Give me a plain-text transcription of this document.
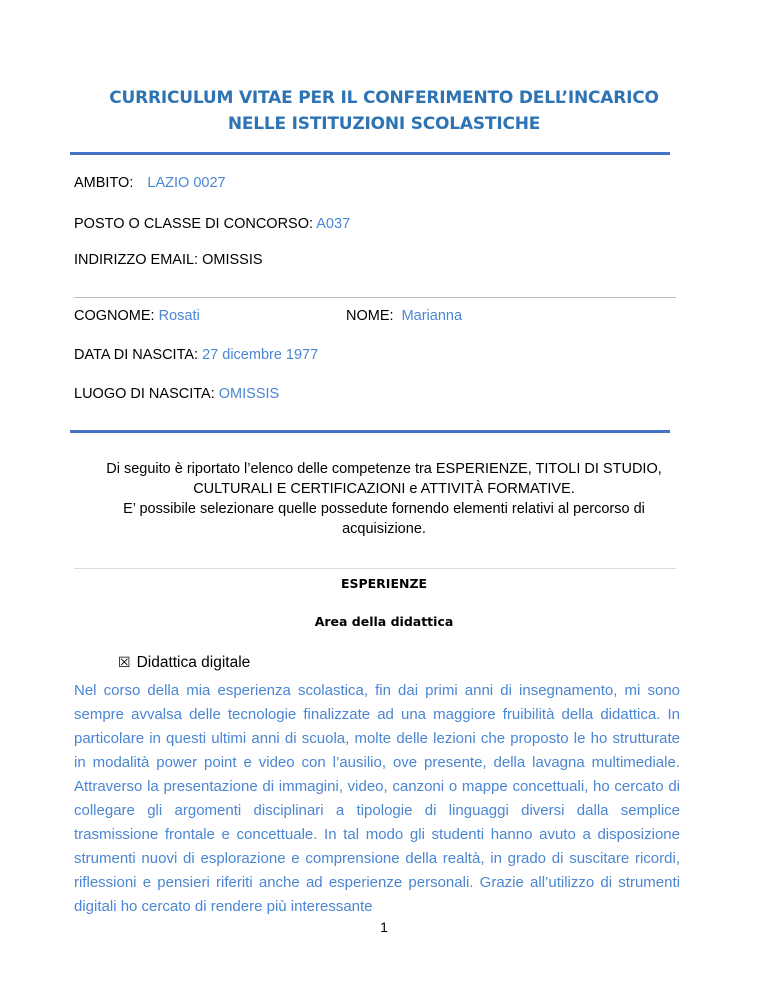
CURRICULUM VITAE PER IL CONFERIMENTO DELL’INCARICO
NELLE ISTITUZIONI SCOLASTICHE
AMBITO: LAZIO 0027
POSTO O CLASSE DI CONCORSO: A037
INDIRIZZO EMAIL: OMISSIS
COGNOME: Rosati	NOME: Marianna
DATA DI NASCITA: 27 dicembre 1977
LUOGO DI NASCITA: OMISSIS
Di seguito è riportato l’elenco delle competenze tra ESPERIENZE, TITOLI DI STUDIO,
CULTURALI E CERTIFICAZIONI e ATTIVITÀ FORMATIVE.
E’ possibile selezionare quelle possedute fornendo elementi relativi al percorso di
acquisizione.
ESPERIENZE
Area della didattica
☒ Didattica digitale
Nel corso della mia esperienza scolastica, fin dai primi anni di insegnamento, mi sono sempre avvalsa delle tecnologie finalizzate ad una maggiore fruibilità della didattica. In particolare in questi ultimi anni di scuola, molte delle lezioni che proposto le ho strutturate in modalità power point e video con l’ausilio, ove presente, della lavagna multimediale. Attraverso la presentazione di immagini, video, canzoni o mappe concettuali, ho cercato di collegare gli argomenti disciplinari a tipologie di linguaggi diversi dalla semplice trasmissione frontale e concettuale. In tal modo gli studenti hanno avuto a disposizione strumenti nuovi di esplorazione e comprensione della realtà, in grado di suscitare ricordi, riflessioni e pensieri riferiti anche ad esperienze personali. Grazie all’utilizzo di strumenti digitali ho cercato di rendere più interessante
1
